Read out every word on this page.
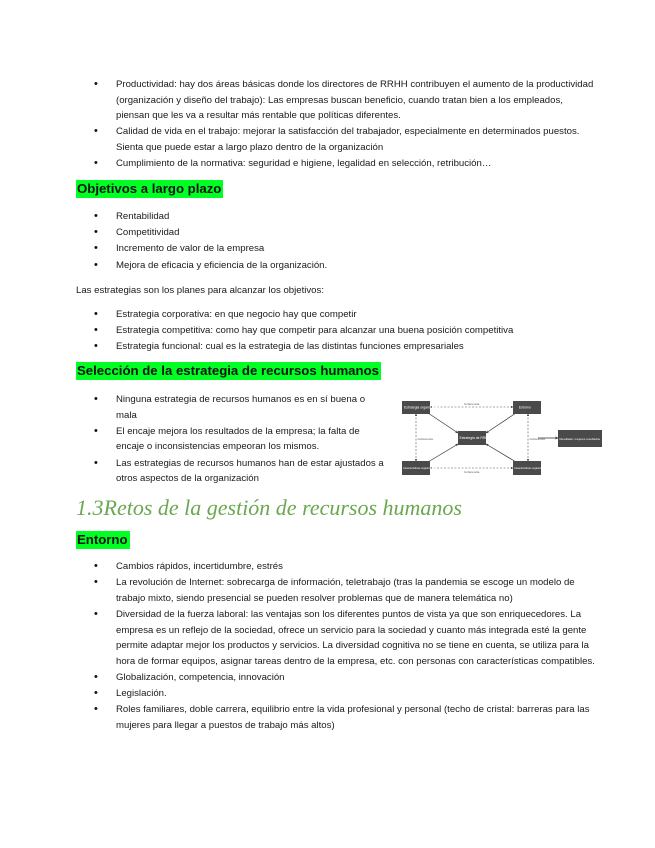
• Productividad: hay dos áreas básicas donde los directores de RRHH contribuyen el aumento de la productividad (organización y diseño del trabajo): Las empresas buscan beneficio, cuando tratan bien a los empleados, piensan que les va a resultar más rentable que políticas diferentes.
• Calidad de vida en el trabajo: mejorar la satisfacción del trabajador, especialmente en determinados puestos. Sienta que puede estar a largo plazo dentro de la organización
• Cumplimiento de la normativa: seguridad e higiene, legalidad en selección, retribución…
Objetivos a largo plazo
• Rentabilidad
• Competitividad
• Incremento de valor de la empresa
• Mejora de eficacia y eficiencia de la organización.
Las estrategias son los planes para alcanzar los objetivos:
• Estrategia corporativa: en que negocio hay que competir
• Estrategia competitiva: como hay que competir para alcanzar una buena posición competitiva
• Estrategia funcional: cual es la estrategia de las distintas funciones empresariales
Selección de la estrategia de recursos humanos
• Ninguna estrategia de recursos humanos es en sí buena o mala
• El encaje mejora los resultados de la empresa; la falta de encaje o inconsistencias empeoran los mismos.
• Las estrategias de recursos humanos han de estar ajustados a otros aspectos de la organización
Estrategia organizativa	Entorno
Estrategia de RRHH
Características organizativas	Características organizativas
Resultado: mejores resultados
Coherencia
Coherencia
Coherencia	Coherencia
1.3Retos de la gestión de recursos humanos
Entorno
• Cambios rápidos, incertidumbre, estrés
• La revolución de Internet: sobrecarga de información, teletrabajo (tras la pandemia se escoge un modelo de trabajo mixto, siendo presencial se pueden resolver problemas que de manera telemática no)
• Diversidad de la fuerza laboral: las ventajas son los diferentes puntos de vista ya que son enriquecedores. La empresa es un reflejo de la sociedad, ofrece un servicio para la sociedad y cuanto más integrada esté la gente permite adaptar mejor los productos y servicios. La diversidad cognitiva no se tiene en cuenta, se utiliza para la hora de formar equipos, asignar tareas dentro de la empresa, etc. con personas con características compatibles.
• Globalización, competencia, innovación
• Legislación.
• Roles familiares, doble carrera, equilibrio entre la vida profesional y personal (techo de cristal: barreras para las mujeres para llegar a puestos de trabajo más altos)
